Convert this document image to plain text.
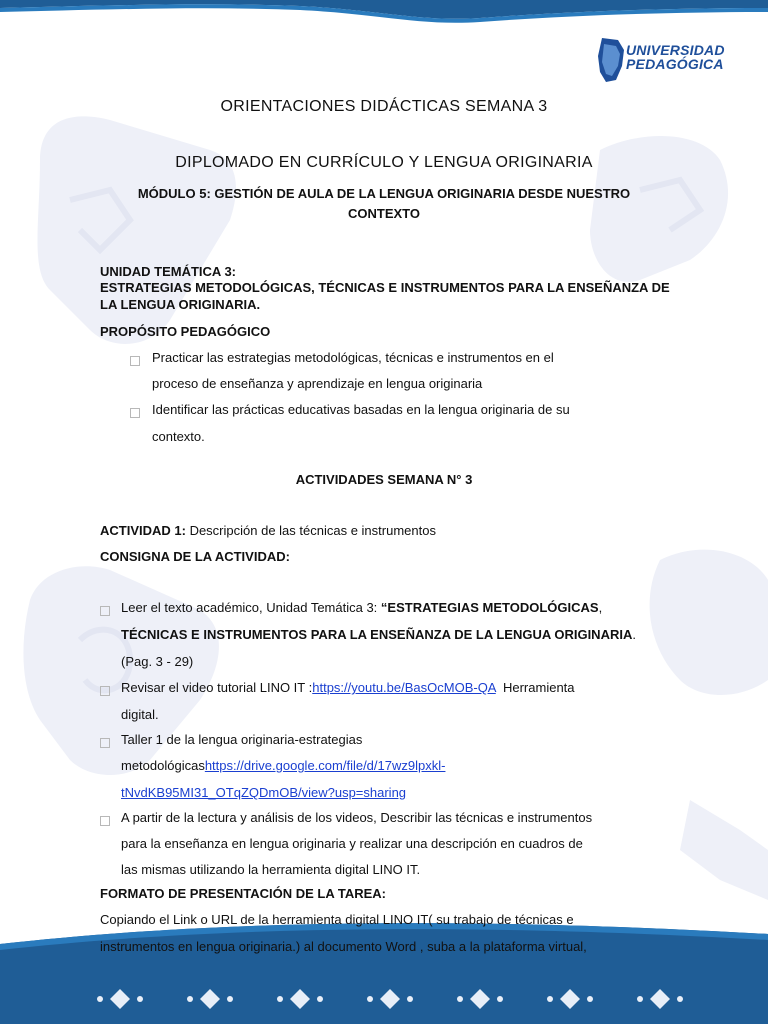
UNIVERSIDAD
PEDAGÓGICA
ORIENTACIONES DIDÁCTICAS SEMANA 3
DIPLOMADO EN CURRÍCULO Y LENGUA ORIGINARIA
MÓDULO 5: GESTIÓN DE AULA DE LA LENGUA ORIGINARIA DESDE NUESTRO
CONTEXTO
UNIDAD TEMÁTICA 3:
ESTRATEGIAS METODOLÓGICAS, TÉCNICAS E INSTRUMENTOS PARA LA ENSEÑANZA DE
LA LENGUA ORIGINARIA.
PROPÓSITO PEDAGÓGICO
Practicar las estrategias metodológicas, técnicas e instrumentos en el
proceso de enseñanza y aprendizaje en lengua originaria
Identificar las prácticas educativas basadas en la lengua originaria de su
contexto.
ACTIVIDADES SEMANA N° 3
ACTIVIDAD 1: Descripción de las técnicas e instrumentos
CONSIGNA DE LA ACTIVIDAD:
Leer el texto académico, Unidad Temática 3: “ESTRATEGIAS METODOLÓGICAS,
TÉCNICAS E INSTRUMENTOS PARA LA ENSEÑANZA DE LA LENGUA ORIGINARIA.
(Pag. 3 - 29)
Revisar el video tutorial LINO IT :https://youtu.be/BasOcMOB-QA  Herramienta
digital.
Taller 1 de la lengua originaria-estrategias
metodológicashttps://drive.google.com/file/d/17wz9lpxkl-
tNvdKB95MI31_OTqZQDmOB/view?usp=sharing
A partir de la lectura y análisis de los videos, Describir las técnicas e instrumentos
para la enseñanza en lengua originaria y realizar una descripción en cuadros de
las mismas utilizando la herramienta digital LINO IT.
FORMATO DE PRESENTACIÓN DE LA TAREA:
Copiando el Link o URL de la herramienta digital LINO IT( su trabajo de técnicas e
instrumentos en lengua originaria.) al documento Word , suba a la plataforma virtual,
